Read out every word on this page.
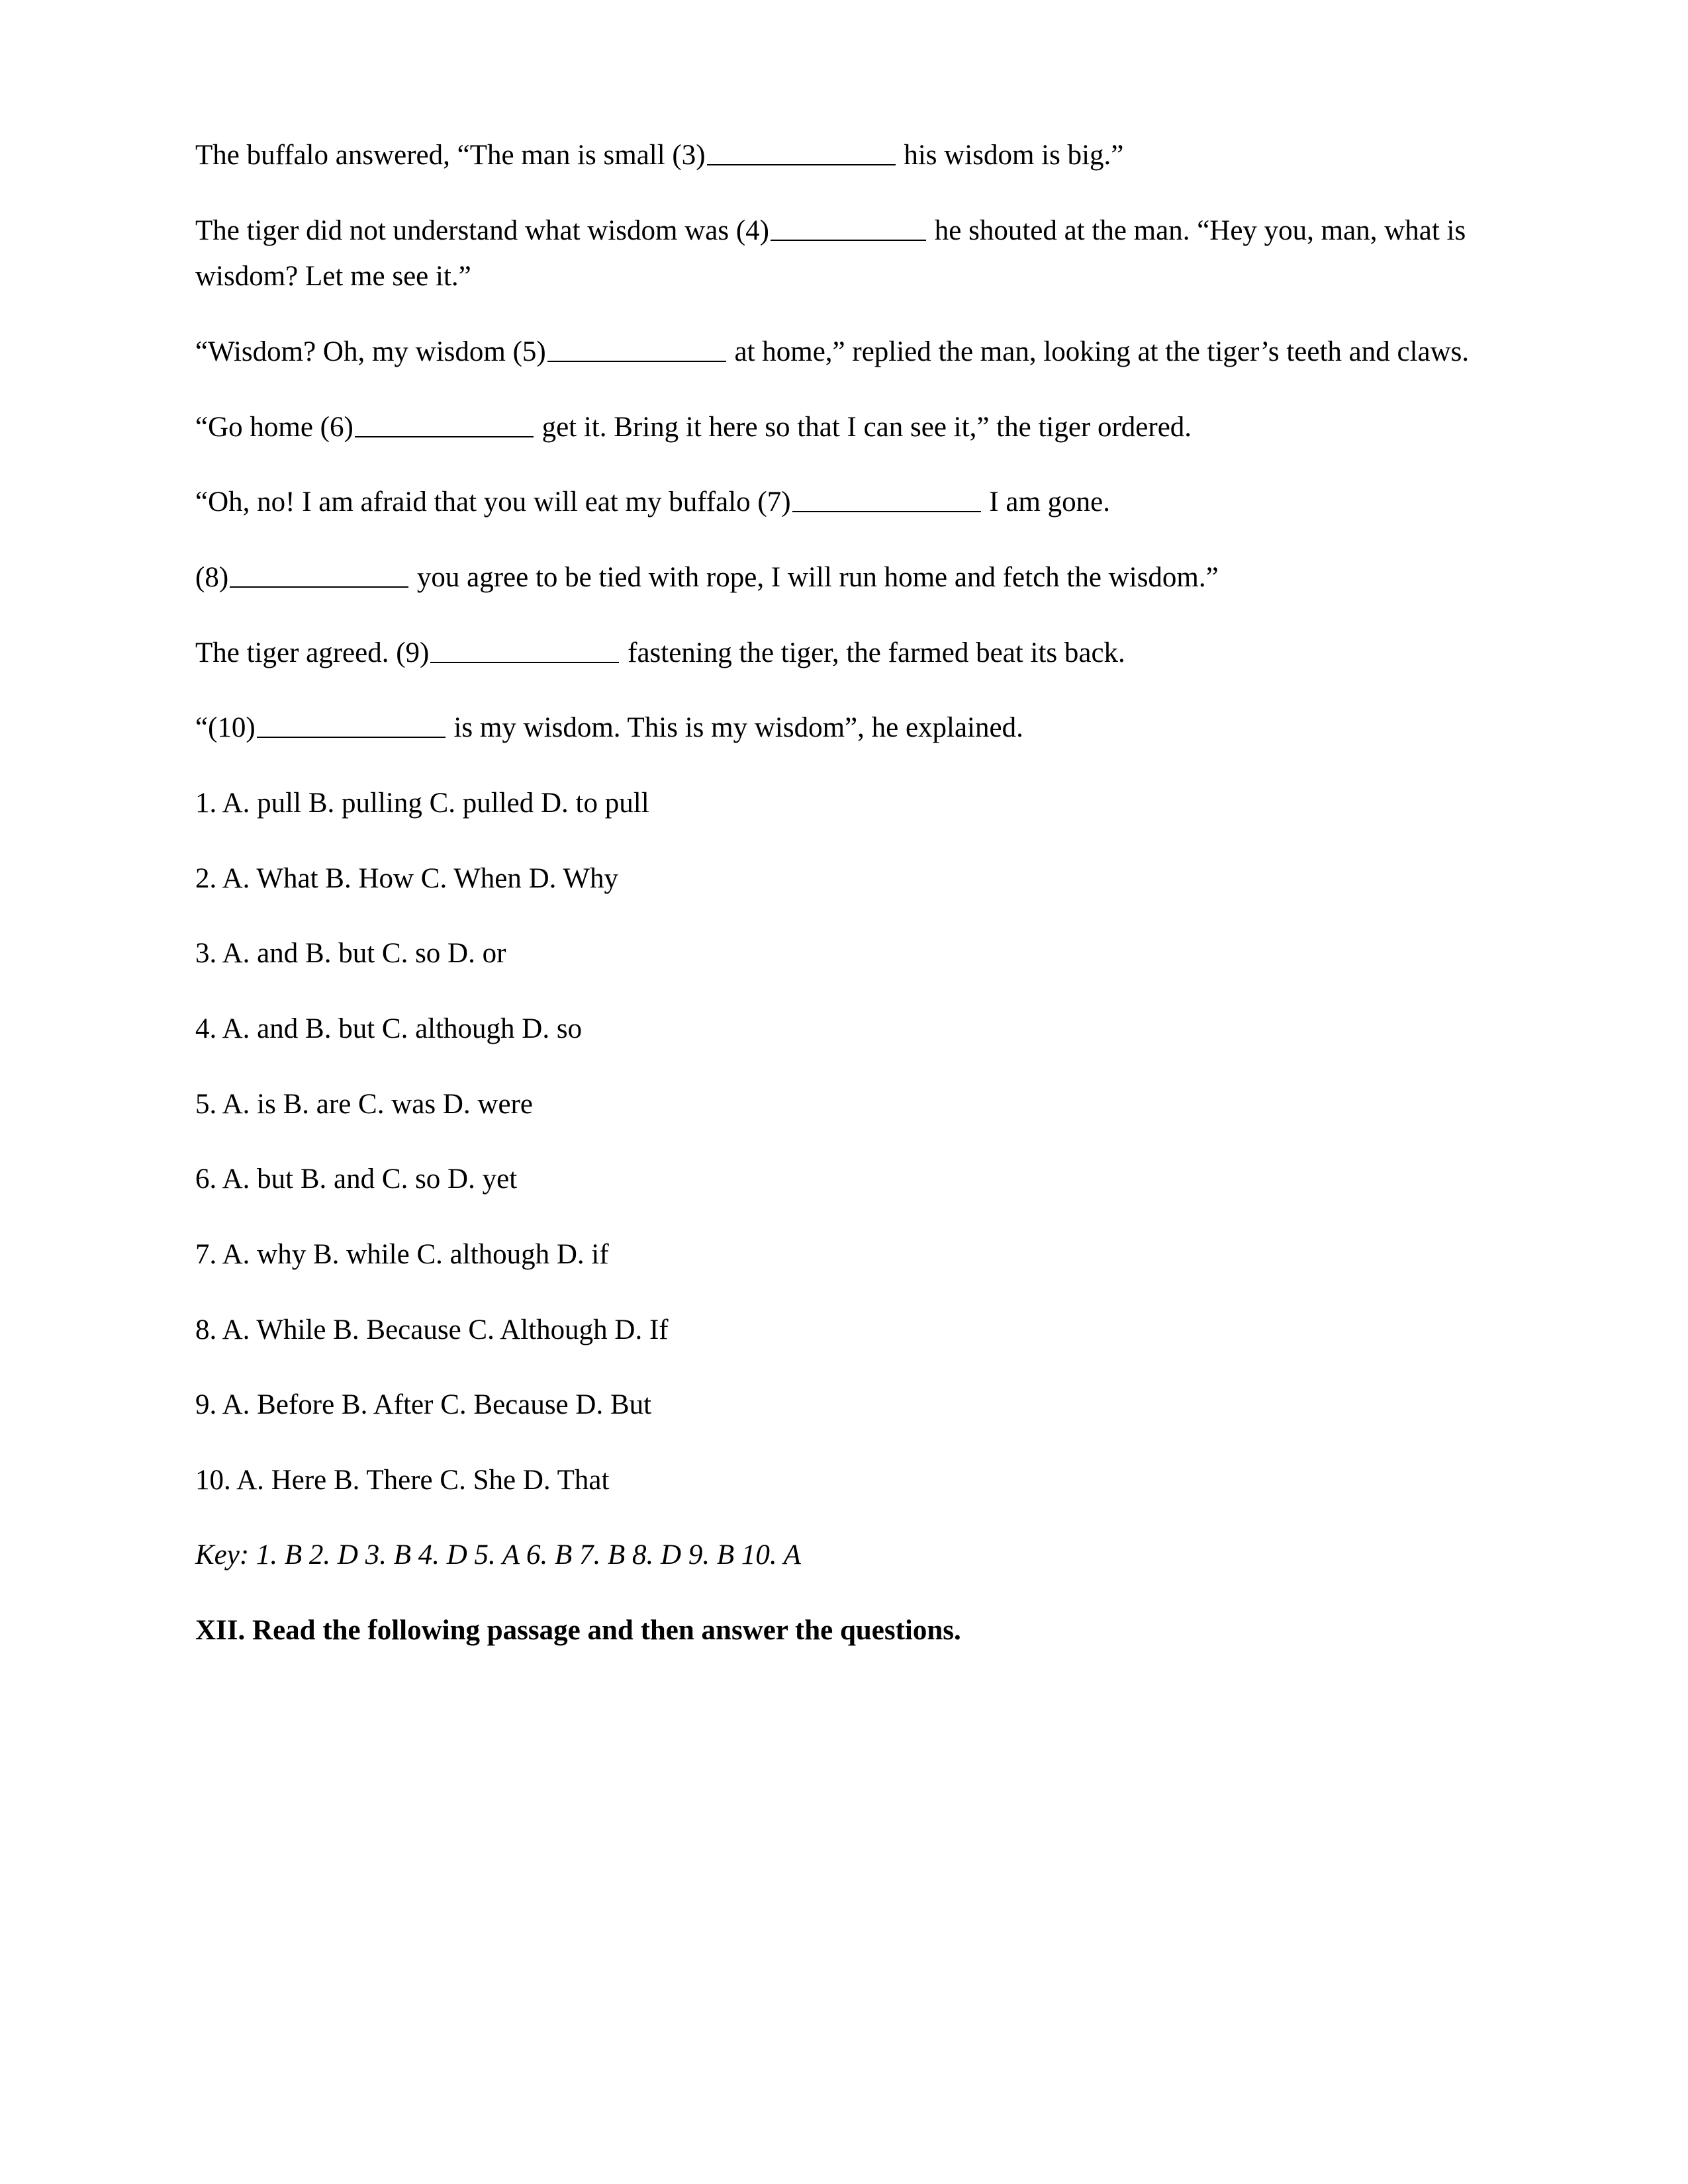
The buffalo answered, “The man is small (3)	his wisdom is big.”

The tiger did not understand what wisdom was (4)	he shouted at the man. “Hey you, man, what is wisdom? Let me see it.”

“Wisdom? Oh, my wisdom (5)	at home,” replied the man, looking at the tiger’s teeth and claws.

“Go home (6)	get it. Bring it here so that I can see it,” the tiger ordered.

“Oh, no! I am afraid that you will eat my buffalo (7)	I am gone.

(8)	you agree to be tied with rope, I will run home and fetch the wisdom.”

The tiger agreed. (9)	fastening the tiger, the farmed beat its back.

“(10)	is my wisdom. This is my wisdom”, he explained.

1. A. pull B. pulling C. pulled D. to pull

2. A. What B. How C. When D. Why

3. A. and B. but C. so D. or

4. A. and B. but C. although D. so

5. A. is B. are C. was D. were

6. A. but B. and C. so D. yet

7. A. why B. while C. although D. if

8. A. While B. Because C. Although D. If

9. A. Before B. After C. Because D. But

10. A. Here B. There C. She D. That

Key: 1. B 2. D 3. B 4. D 5. A 6. B 7. B 8. D 9. B 10. A

XII. Read the following passage and then answer the questions.
